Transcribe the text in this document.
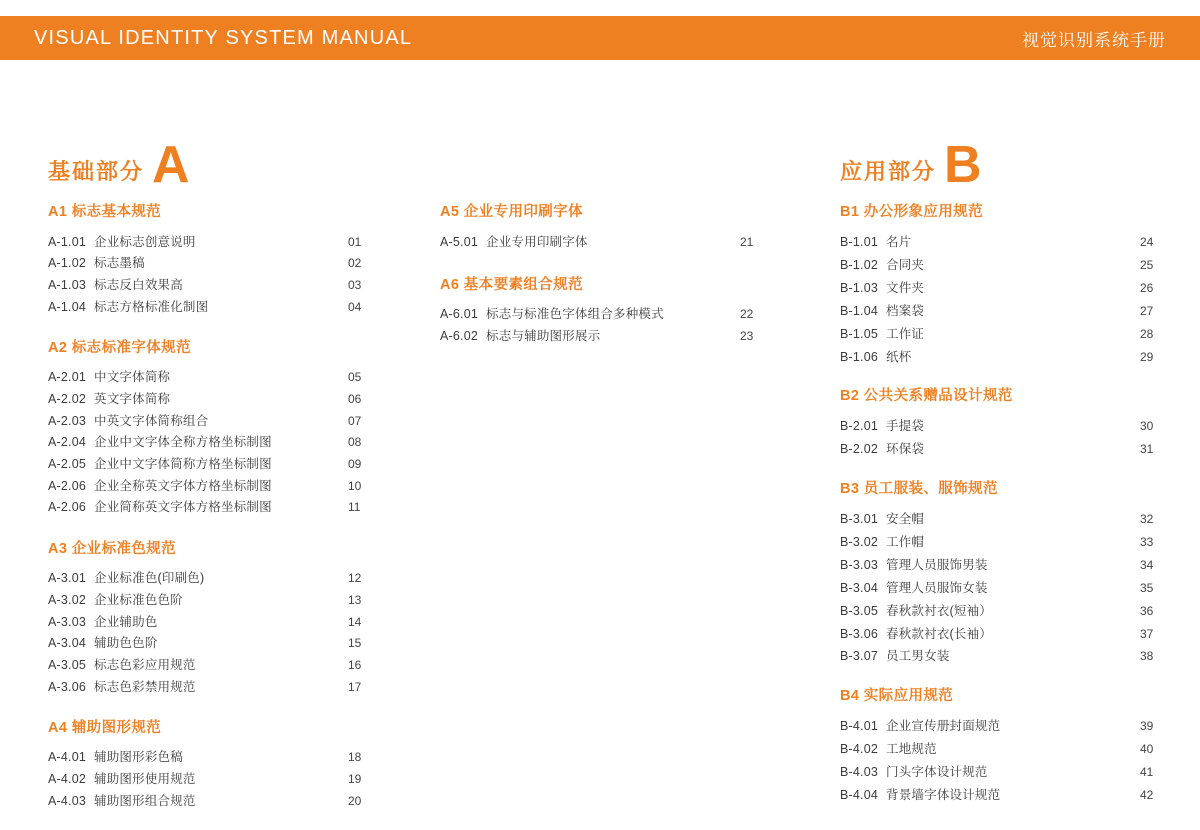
VISUAL IDENTITY SYSTEM MANUAL	视觉识别系统手册
基础部分 A	应用部分 B
A1 标志基本规范
A-1.01 企业标志创意说明	01
A-1.02 标志墨稿	02
A-1.03 标志反白效果高	03
A-1.04 标志方格标准化制图	04
A2 标志标准字体规范
A-2.01 中文字体简称	05
A-2.02 英文字体简称	06
A-2.03 中英文字体简称组合	07
A-2.04 企业中文字体全称方格坐标制图	08
A-2.05 企业中文字体简称方格坐标制图	09
A-2.06 企业全称英文字体方格坐标制图	10
A-2.06 企业简称英文字体方格坐标制图	11
A3 企业标准色规范
A-3.01 企业标准色(印刷色)	12
A-3.02 企业标准色色阶	13
A-3.03 企业辅助色	14
A-3.04 辅助色色阶	15
A-3.05 标志色彩应用规范	16
A-3.06 标志色彩禁用规范	17
A4 辅助图形规范
A-4.01 辅助图形彩色稿	18
A-4.02 辅助图形使用规范	19
A-4.03 辅助图形组合规范	20
A5 企业专用印刷字体
A-5.01 企业专用印刷字体	21
A6 基本要素组合规范
A-6.01 标志与标准色字体组合多种模式	22
A-6.02 标志与辅助图形展示	23
B1 办公形象应用规范
B-1.01 名片	24
B-1.02 合同夹	25
B-1.03 文件夹	26
B-1.04 档案袋	27
B-1.05 工作证	28
B-1.06 纸杯	29
B2 公共关系赠品设计规范
B-2.01 手提袋	30
B-2.02 环保袋	31
B3 员工服装、服饰规范
B-3.01 安全帽	32
B-3.02 工作帽	33
B-3.03 管理人员服饰男装	34
B-3.04 管理人员服饰女装	35
B-3.05 春秋款衬衣(短袖）	36
B-3.06 春秋款衬衣(长袖）	37
B-3.07 员工男女装	38
B4 实际应用规范
B-4.01 企业宣传册封面规范	39
B-4.02 工地规范	40
B-4.03 门头字体设计规范	41
B-4.04 背景墙字体设计规范	42
